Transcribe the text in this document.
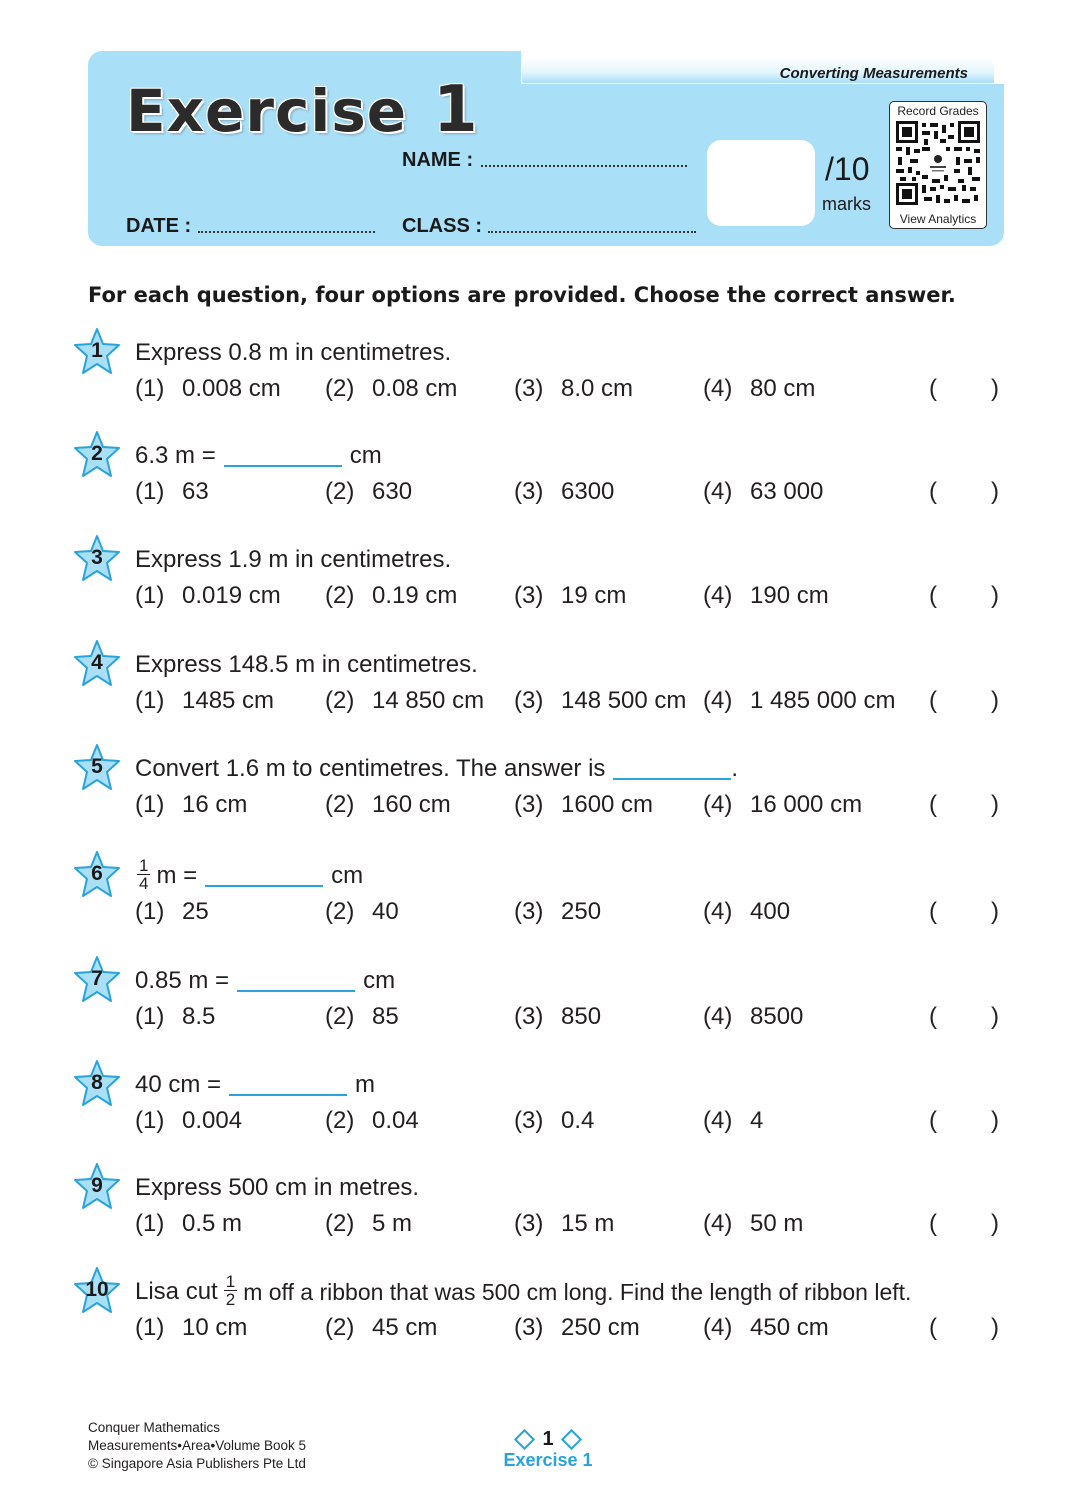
Converting Measurements
Exercise 1
NAME :
DATE :	CLASS :
/10
marks
Record Grades
View Analytics
For each question, four options are provided. Choose the correct answer.
1	Express 0.8 m in centimetres.
(1) 0.008 cm (2) 0.08 cm (3) 8.0 cm	(4) 80 cm	( )
2	6.3 m =	cm
(1) 63	(2) 630	(3) 6300	(4) 63 000	( )
3	Express 1.9 m in centimetres.
(1) 0.019 cm (2) 0.19 cm (3) 19 cm	(4) 190 cm	( )
4	Express 148.5 m in centimetres.
(1) 1485 cm (2) 14 850 cm (3) 148 500 cm (4) 1 485 000 cm ( )
5	Convert 1.6 m to centimetres. The answer is	.
(1) 16 cm	(2) 160 cm	(3) 1600 cm (4) 16 000 cm	( )
6	$\frac{1}{4}$ m =	cm
(1) 25	(2) 40	(3) 250	(4) 400	( )
7	0.85 m =	cm
(1) 8.5	(2) 85	(3) 850	(4) 8500	( )
8	40 cm =	m
(1) 0.004	(2) 0.04	(3) 0.4	(4) 4	( )
9	Express 500 cm in metres.
(1) 0.5 m	(2) 5 m	(3) 15 m	(4) 50 m	( )
10	Lisa cut $\frac{1}{2}$ m off a ribbon that was 500 cm long. Find the length of ribbon left.
(1) 10 cm	(2) 45 cm	(3) 250 cm	(4) 450 cm	( )
Conquer Mathematics
Measurements•Area•Volume Book 5
© Singapore Asia Publishers Pte Ltd
1
Exercise 1
